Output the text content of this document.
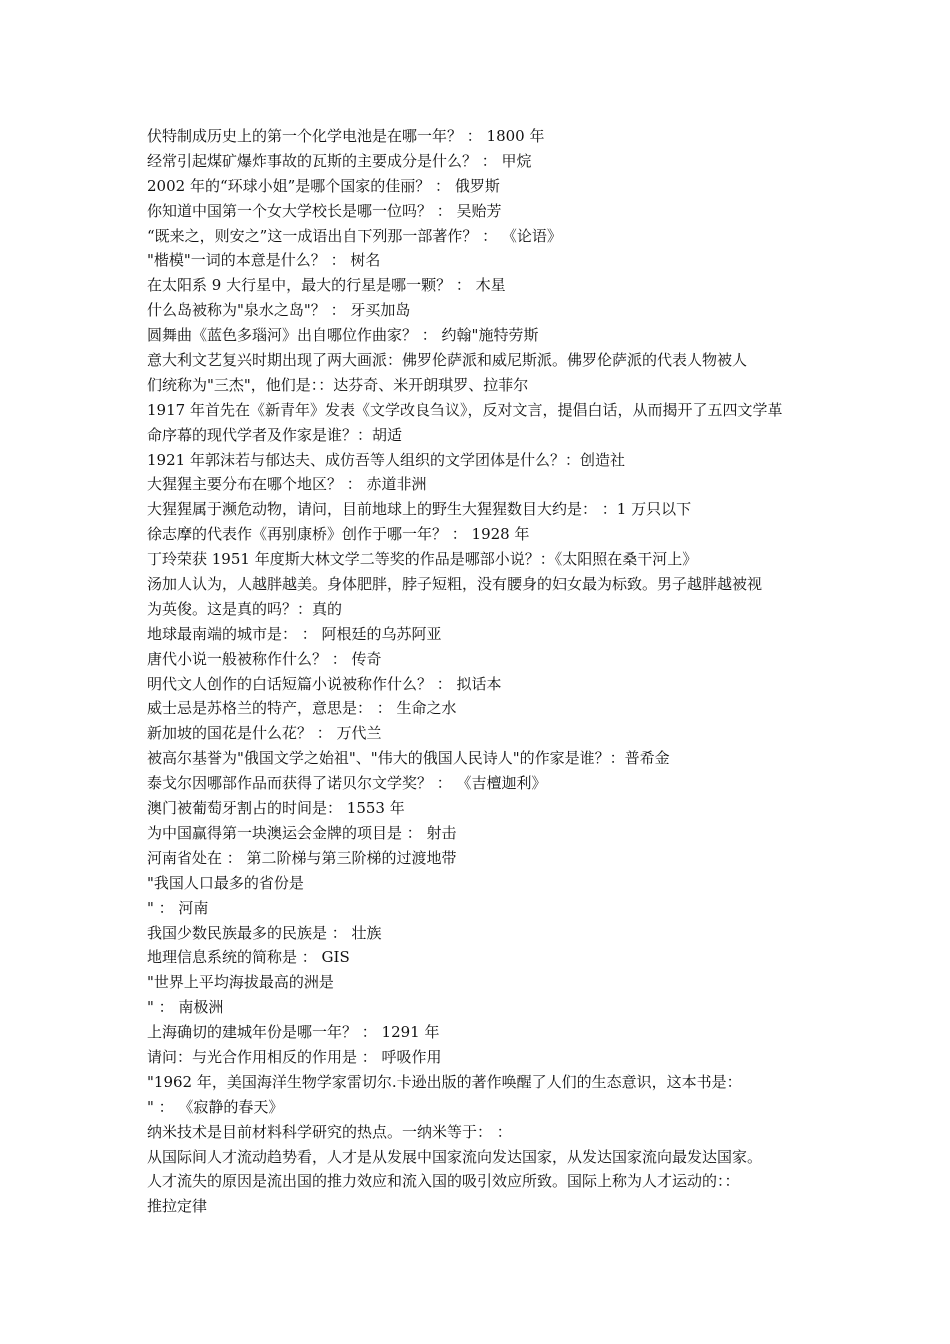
伏特制成历史上的第一个化学电池是在哪一年？ ： 1800 年
经常引起煤矿爆炸事故的瓦斯的主要成分是什么？ ： 甲烷
2002 年的“环球小姐”是哪个国家的佳丽？ ： 俄罗斯
你知道中国第一个女大学校长是哪一位吗？ ： 吴贻芳
“既来之，则安之”这一成语出自下列那一部著作？ ： 《论语》
"楷模"一词的本意是什么？ ： 树名
在太阳系 9 大行星中，最大的行星是哪一颗？ ： 木星
什么岛被称为"泉水之岛"？ ： 牙买加岛
圆舞曲《蓝色多瑙河》出自哪位作曲家？ ： 约翰"施特劳斯
意大利文艺复兴时期出现了两大画派：佛罗伦萨派和威尼斯派。佛罗伦萨派的代表人物被人
们统称为"三杰"，他们是：：达芬奇、米开朗琪罗、拉菲尔
1917 年首先在《新青年》发表《文学改良刍议》，反对文言，提倡白话，从而揭开了五四文学革
命序幕的现代学者及作家是谁？：胡适
1921 年郭沫若与郁达夫、成仿吾等人组织的文学团体是什么？：创造社
大猩猩主要分布在哪个地区？ ： 赤道非洲
大猩猩属于濒危动物，请问，目前地球上的野生大猩猩数目大约是： ：1 万只以下
徐志摩的代表作《再别康桥》创作于哪一年？ ： 1928 年
丁玲荣获 1951 年度斯大林文学二等奖的作品是哪部小说？：《太阳照在桑干河上》
汤加人认为，人越胖越美。身体肥胖，脖子短粗，没有腰身的妇女最为标致。男子越胖越被视
为英俊。这是真的吗？：真的
地球最南端的城市是： ： 阿根廷的乌苏阿亚
唐代小说一般被称作什么？ ： 传奇
明代文人创作的白话短篇小说被称作什么？ ： 拟话本
威士忌是苏格兰的特产，意思是： ： 生命之水
新加坡的国花是什么花？ ： 万代兰
被高尔基誉为"俄国文学之始祖"、"伟大的俄国人民诗人"的作家是谁？：普希金
泰戈尔因哪部作品而获得了诺贝尔文学奖？ ： 《吉檀迦利》
澳门被葡萄牙割占的时间是： 1553 年
为中国赢得第一块澳运会金牌的项目是 ： 射击
河南省处在 ： 第二阶梯与第三阶梯的过渡地带
"我国人口最多的省份是
" ： 河南
我国少数民族最多的民族是 ： 壮族
地理信息系统的简称是 ： GIS
"世界上平均海拔最高的洲是
" ： 南极洲
上海确切的建城年份是哪一年？ ： 1291 年
请问：与光合作用相反的作用是 ： 呼吸作用
"1962 年，美国海洋生物学家雷切尔.卡逊出版的著作唤醒了人们的生态意识，这本书是：
" ： 《寂静的春天》
纳米技术是目前材料科学研究的热点。一纳米等于： ：
从国际间人才流动趋势看，人才是从发展中国家流向发达国家，从发达国家流向最发达国家。
人才流失的原因是流出国的推力效应和流入国的吸引效应所致。国际上称为人才运动的：：
推拉定律
